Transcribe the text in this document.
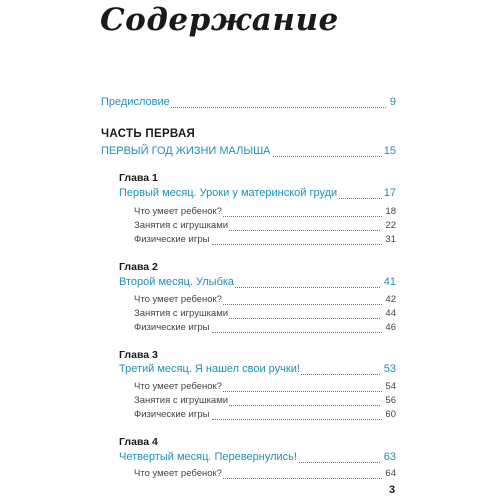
Содержание
Предисловие	9
ЧАСТЬ ПЕРВАЯ
ПЕРВЫЙ ГОД ЖИЗНИ МАЛЫША	15
Глава 1
Первый месяц. Уроки у материнской груди	17
Что умеет ребенок?	18
Занятия с игрушками	22
Физические игры	31
Глава 2
Второй месяц. Улыбка	41
Что умеет ребенок?	42
Занятия с игрушками	44
Физические игры	46
Глава 3
Третий месяц. Я нашел свои ручки!	53
Что умеет ребенок?	54
Занятия с игрушками	56
Физические игры	60
Глава 4
Четвертый месяц. Перевернулись!	63
Что умеет ребенок?	64
3
